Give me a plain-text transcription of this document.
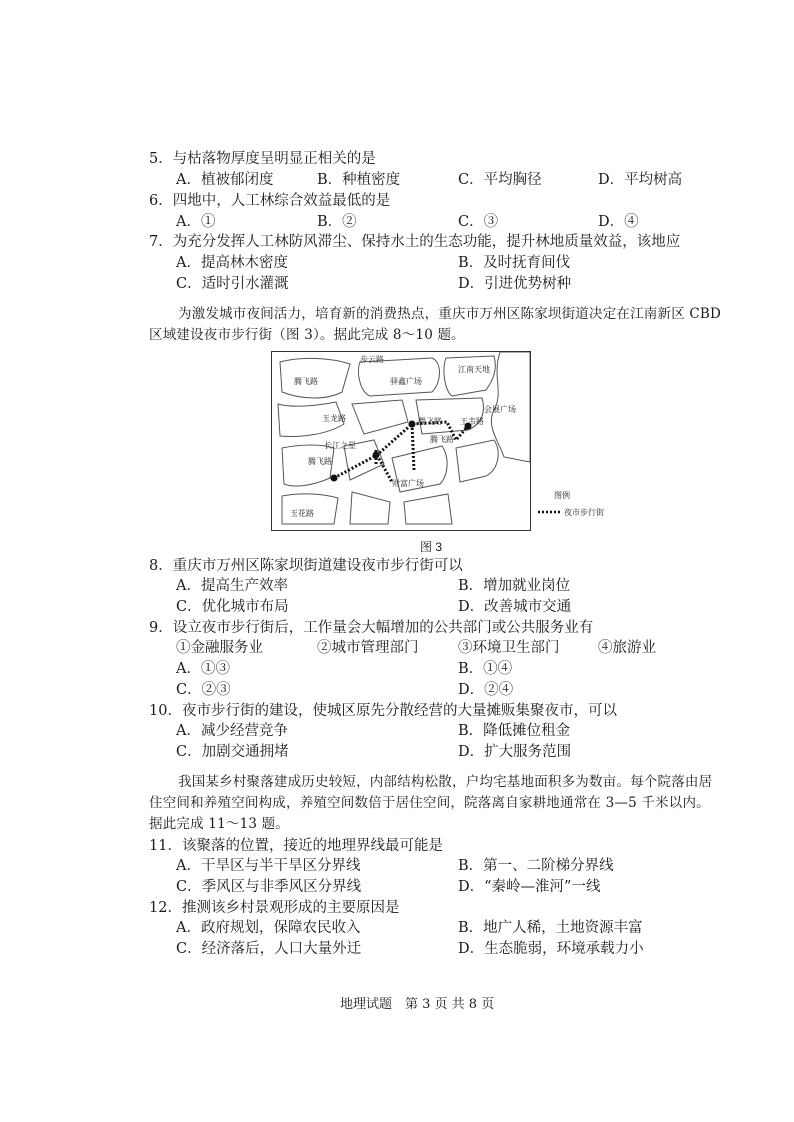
5．与枯落物厚度呈明显正相关的是
A．植被郁闭度	B．种植密度	C．平均胸径	D．平均树高
6．四地中，人工林综合效益最低的是
A．①	B．②	C．③	D．④
7．为充分发挥人工林防风滞尘、保持水土的生态功能，提升林地质量效益，该地应
A．提高林木密度	B．及时抚育间伐
C．适时引水灌溉	D．引进优势树种
为激发城市夜间活力，培育新的消费热点，重庆市万州区陈家坝街道决定在江南新区 CBD
区域建设夜市步行街（图 3）。据此完成 8～10 题。
步云路
腾飞路	驿鑫广场
江南天地
玉龙路	腾飞路 王韦路
会展广场
长江之星
腾飞路
腾飞路
财富广场
玉花路
图例
夜市步行街
图 3
8．重庆市万州区陈家坝街道建设夜市步行街可以
A．提高生产效率	B．增加就业岗位
C．优化城市布局	D．改善城市交通
9．设立夜市步行街后，工作量会大幅增加的公共部门或公共服务业有
①金融服务业	②城市管理部门	③环境卫生部门	④旅游业
A．①③	B．①④
C．②③	D．②④
10．夜市步行街的建设，使城区原先分散经营的大量摊贩集聚夜市，可以
A．减少经营竞争	B．降低摊位租金
C．加剧交通拥堵	D．扩大服务范围
我国某乡村聚落建成历史较短，内部结构松散，户均宅基地面积多为数亩。每个院落由居
住空间和养殖空间构成，养殖空间数倍于居住空间，院落离自家耕地通常在 3—5 千米以内。
据此完成 11～13 题。
11．该聚落的位置，接近的地理界线最可能是
A．干旱区与半干旱区分界线	B．第一、二阶梯分界线
C．季风区与非季风区分界线	D．“秦岭—淮河”一线
12．推测该乡村景观形成的主要原因是
A．政府规划，保障农民收入	B．地广人稀，土地资源丰富
C．经济落后，人口大量外迁	D．生态脆弱，环境承载力小
地理试题　第 3 页 共 8 页
